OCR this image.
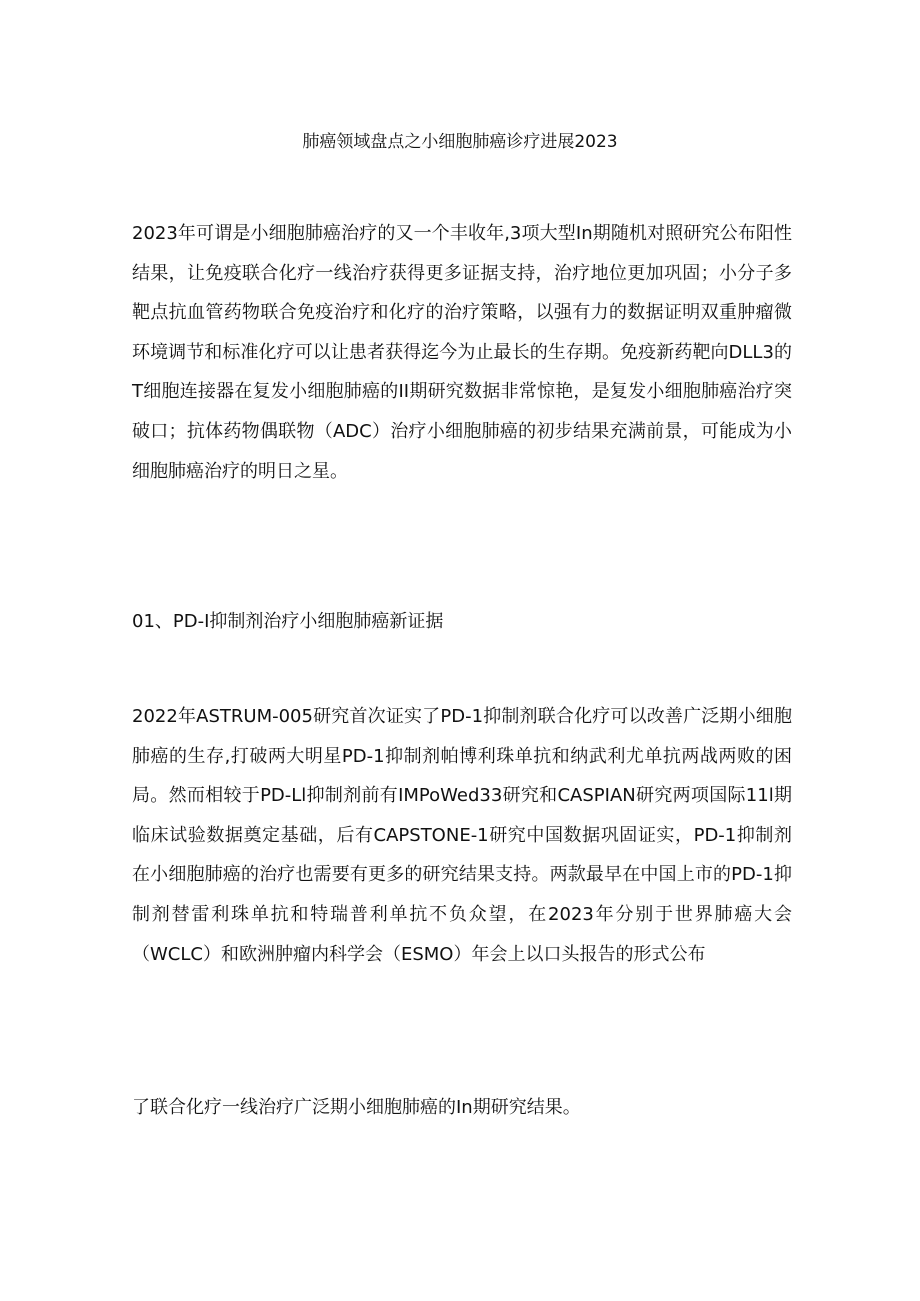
肺癌领域盘点之小细胞肺癌诊疗进展2023

2023年可谓是小细胞肺癌治疗的又一个丰收年,3项大型In期随机对照研究公布阳性结果，让免疫联合化疗一线治疗获得更多证据支持，治疗地位更加巩固；小分子多靶点抗血管药物联合免疫治疗和化疗的治疗策略，以强有力的数据证明双重肿瘤微环境调节和标准化疗可以让患者获得迄今为止最长的生存期。免疫新药靶向DLL3的T细胞连接器在复发小细胞肺癌的II期研究数据非常惊艳，是复发小细胞肺癌治疗突破口；抗体药物偶联物（ADC）治疗小细胞肺癌的初步结果充满前景，可能成为小细胞肺癌治疗的明日之星。

01、PD-I抑制剂治疗小细胞肺癌新证据

2022年ASTRUM-005研究首次证实了PD-1抑制剂联合化疗可以改善广泛期小细胞肺癌的生存,打破两大明星PD-1抑制剂帕博利珠单抗和纳武利尤单抗两战两败的困局。然而相较于PD-Ll抑制剂前有IMPoWed33研究和CASPIAN研究两项国际11l期临床试验数据奠定基础，后有CAPSTONE-1研究中国数据巩固证实，PD-1抑制剂在小细胞肺癌的治疗也需要有更多的研究结果支持。两款最早在中国上市的PD-1抑制剂替雷利珠单抗和特瑞普利单抗不负众望，在2023年分别于世界肺癌大会（WCLC）和欧洲肿瘤内科学会（ESMO）年会上以口头报告的形式公布

了联合化疗一线治疗广泛期小细胞肺癌的In期研究结果。
